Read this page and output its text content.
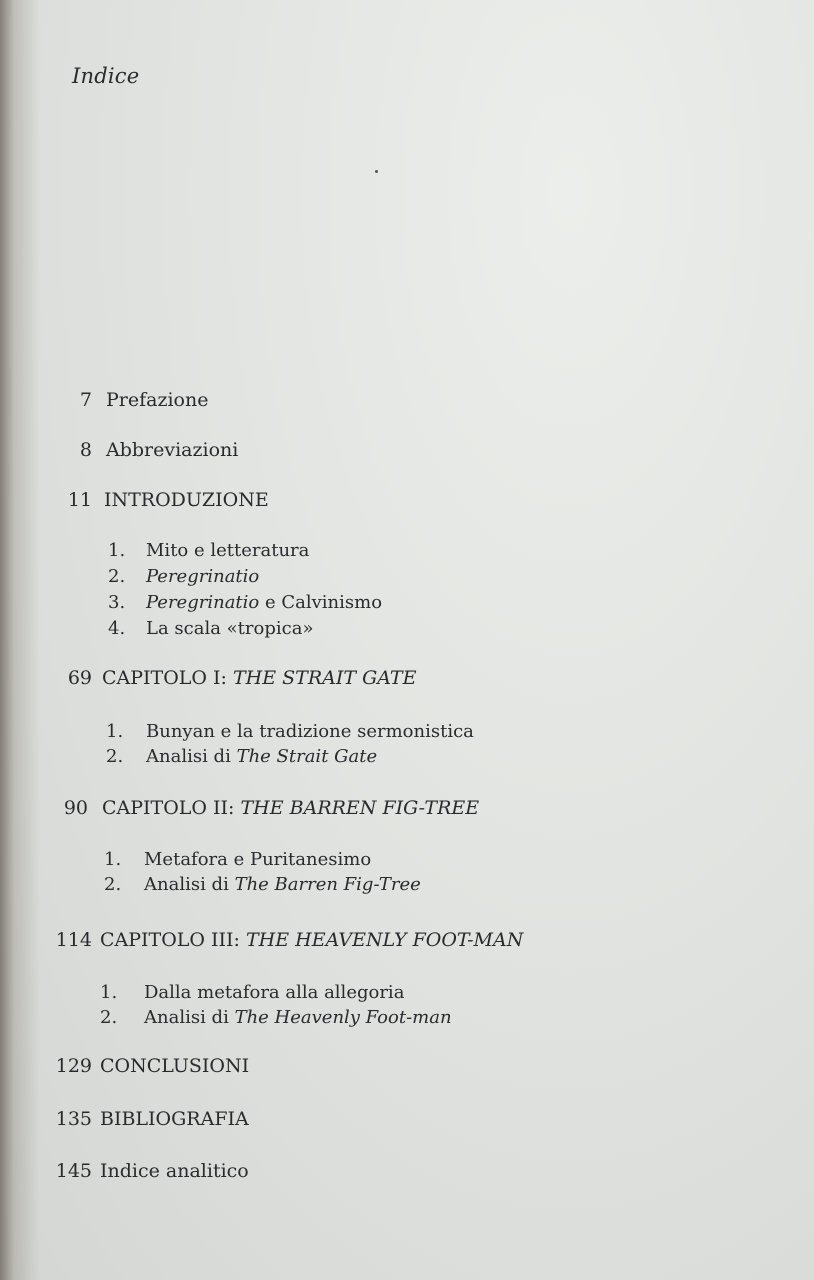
Indice
7 Prefazione
8 Abbreviazioni
11 INTRODUZIONE
1.	Mito e letteratura
2.	Peregrinatio
3.	Peregrinatio e Calvinismo
4.	La scala «tropica»
69 CAPITOLO I: THE STRAIT GATE
1.	Bunyan e la tradizione sermonistica
2.	Analisi di The Strait Gate
90 CAPITOLO II: THE BARREN FIG-TREE
1.	Metafora e Puritanesimo
2.	Analisi di The Barren Fig-Tree
114 CAPITOLO III: THE HEAVENLY FOOT-MAN
1.	Dalla metafora alla allegoria
2.	Analisi di The Heavenly Foot-man
129 CONCLUSIONI
135 BIBLIOGRAFIA
145 Indice analitico
